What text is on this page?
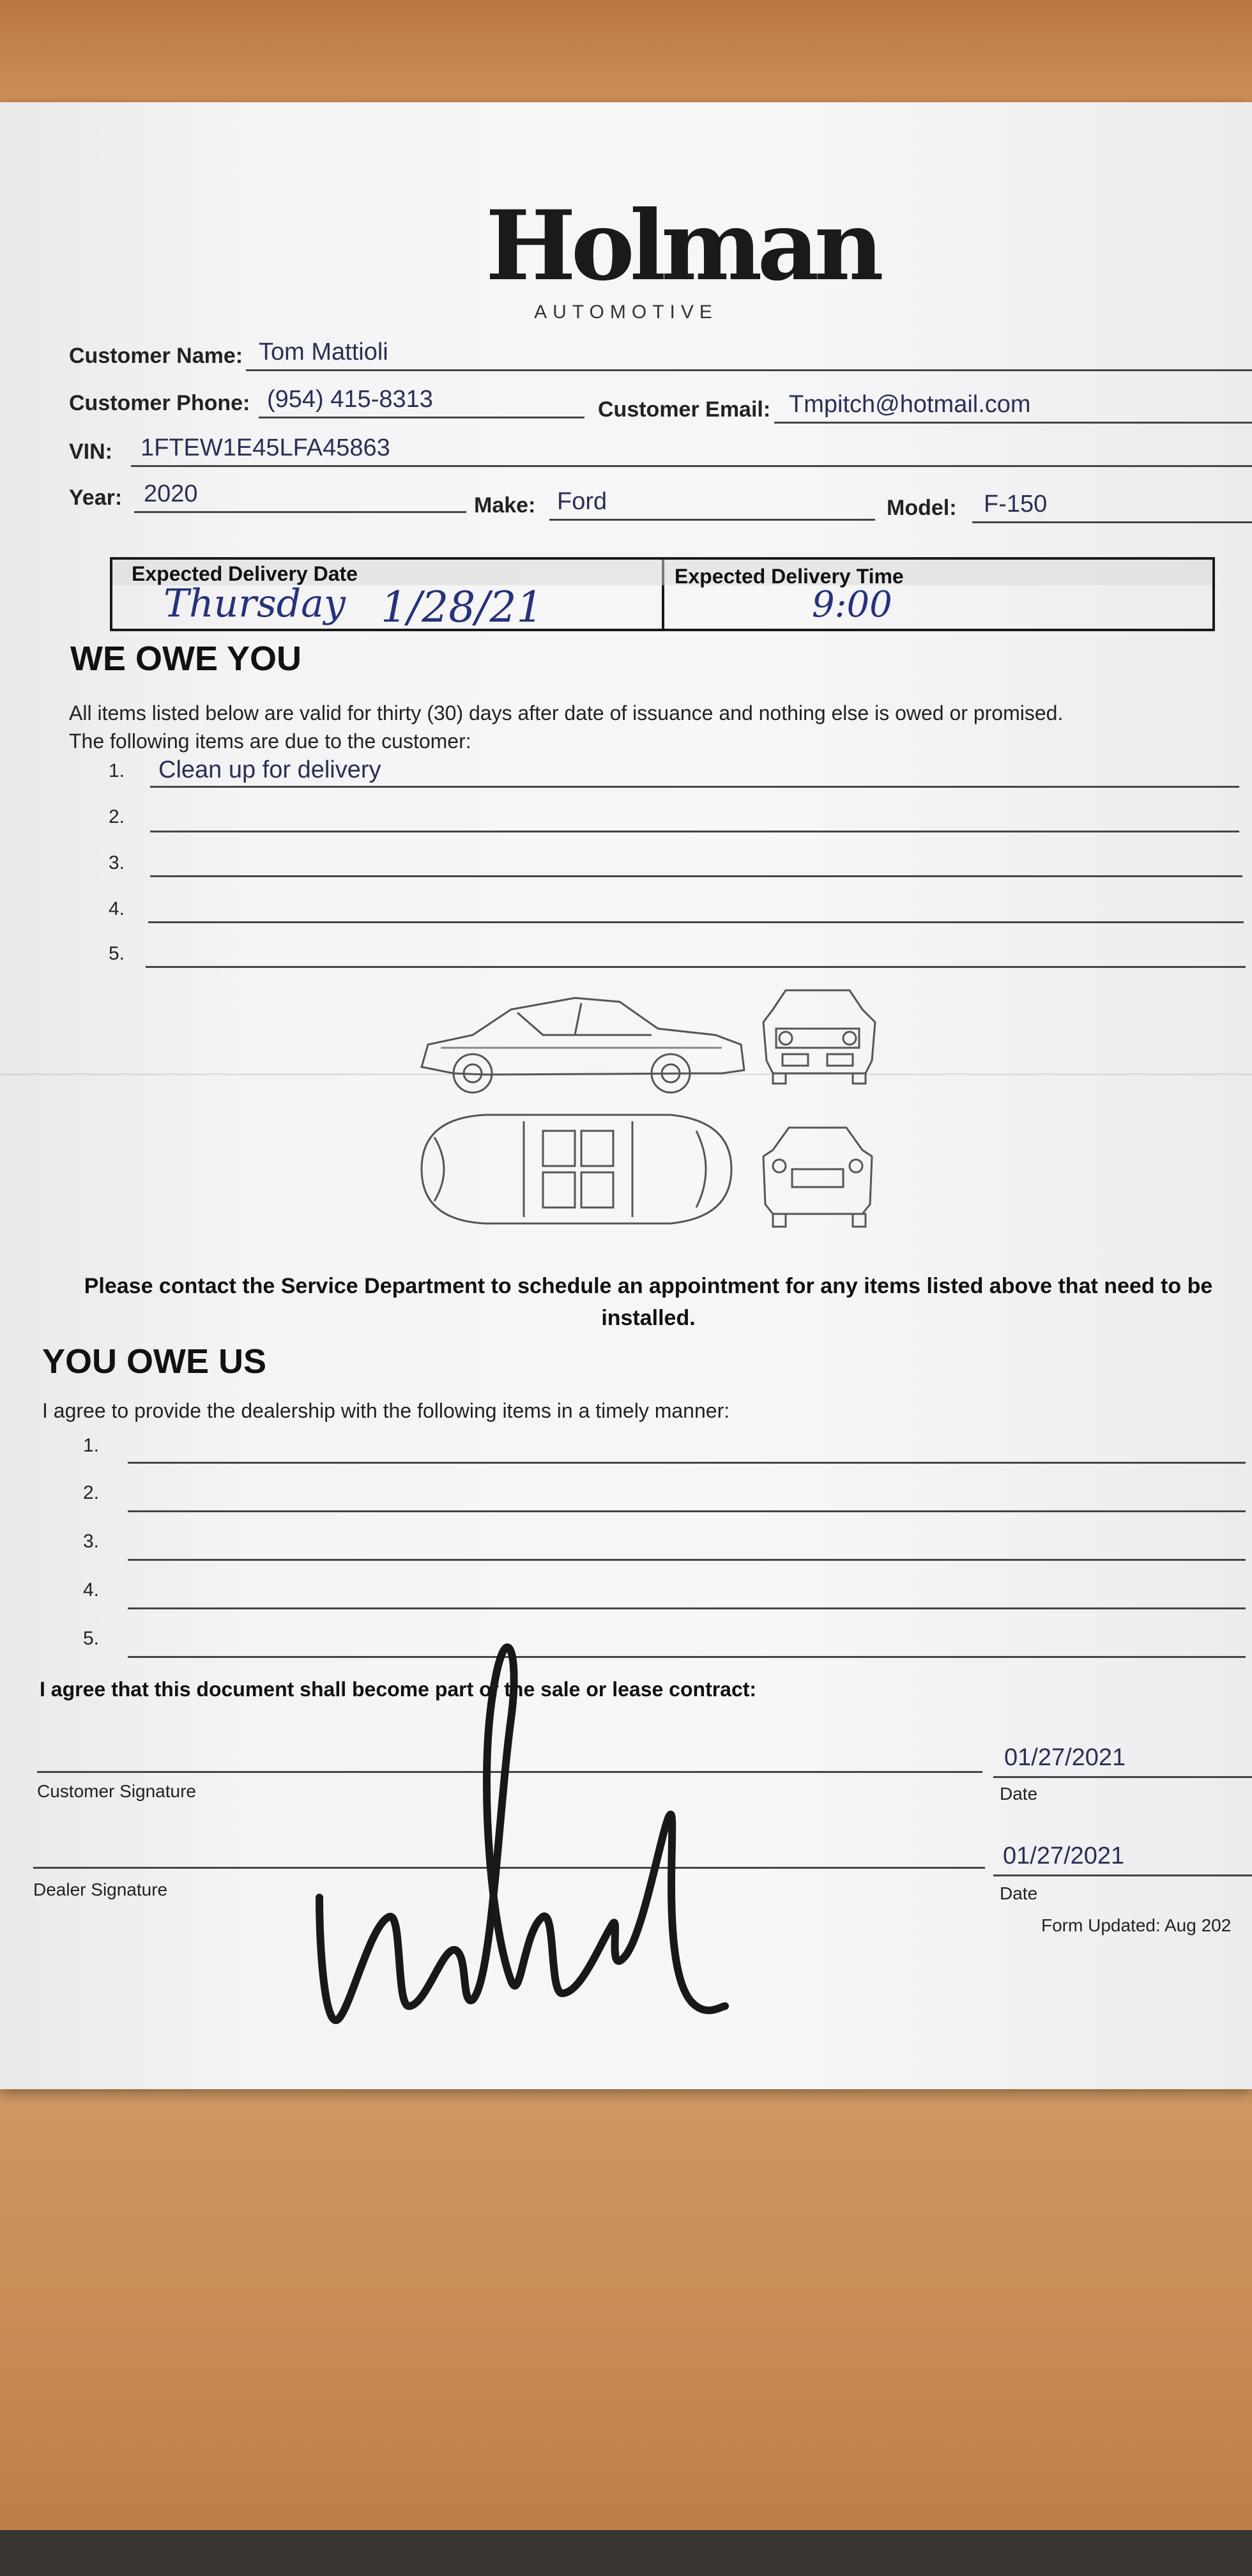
Holman
AUTOMOTIVE
Customer Name: Tom Mattioli
Customer Phone: (954) 415-8313	Customer Email: Tmpitch@hotmail.com
VIN: 1FTEW1E45LFA45863
Year: 2020	Make: Ford	Model: F-150
Expected Delivery Date
Thursday 1/28/21
Expected Delivery Time
9:00
WE OWE YOU
All items listed below are valid for thirty (30) days after date of issuance and nothing else is owed or promised.
The following items are due to the customer:
1. Clean up for delivery
2.
3.
4.
5.
Please contact the Service Department to schedule an appointment for any items listed above that need to be installed.
YOU OWE US
I agree to provide the dealership with the following items in a timely manner:
1.
2.
3.
4.
5.
I agree that this document shall become part of the sale or lease contract:
Customer Signature
01/27/2021
Date
Dealer Signature
01/27/2021
Date
Form Updated: Aug 202
